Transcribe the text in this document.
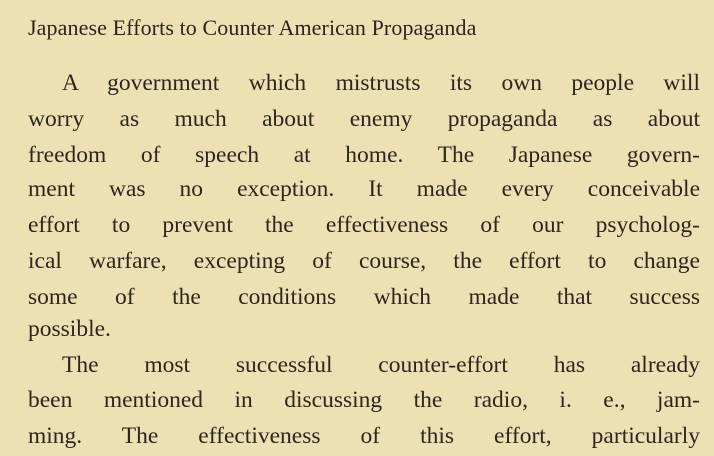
Japanese Efforts to Counter American Propaganda
A government which mistrusts its own people will
worry as much about enemy propaganda as about
freedom of speech at home. The Japanese govern-
ment was no exception. It made every conceivable
effort to prevent the effectiveness of our psycholog-
ical warfare, excepting of course, the effort to change
some of the conditions which made that success
possible.
The most successful counter-effort has already
been mentioned in discussing the radio, i. e., jam-
ming. The effectiveness of this effort, particularly
